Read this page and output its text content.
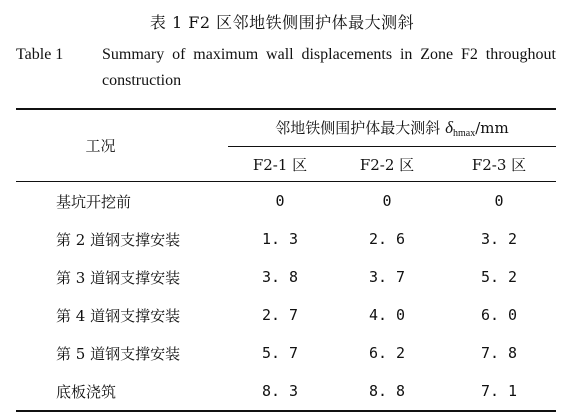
表 1 F2 区邻地铁侧围护体最大测斜
Table 1 Summary of maximum wall displacements in Zone F2 throughout construction
工况	邻地铁侧围护体最大测斜 $\delta_{hmax}/mm$		
	F2-1 区	F2-2 区	F2-3 区
基坑开挖前	0	0	0
第 2 道钢支撑安装	1. 3	2. 6	3. 2
第 3 道钢支撑安装	3. 8	3. 7	5. 2
第 4 道钢支撑安装	2. 7	4. 0	6. 0
第 5 道钢支撑安装	5. 7	6. 2	7. 8
底板浇筑	8. 3	8. 8	7. 1
